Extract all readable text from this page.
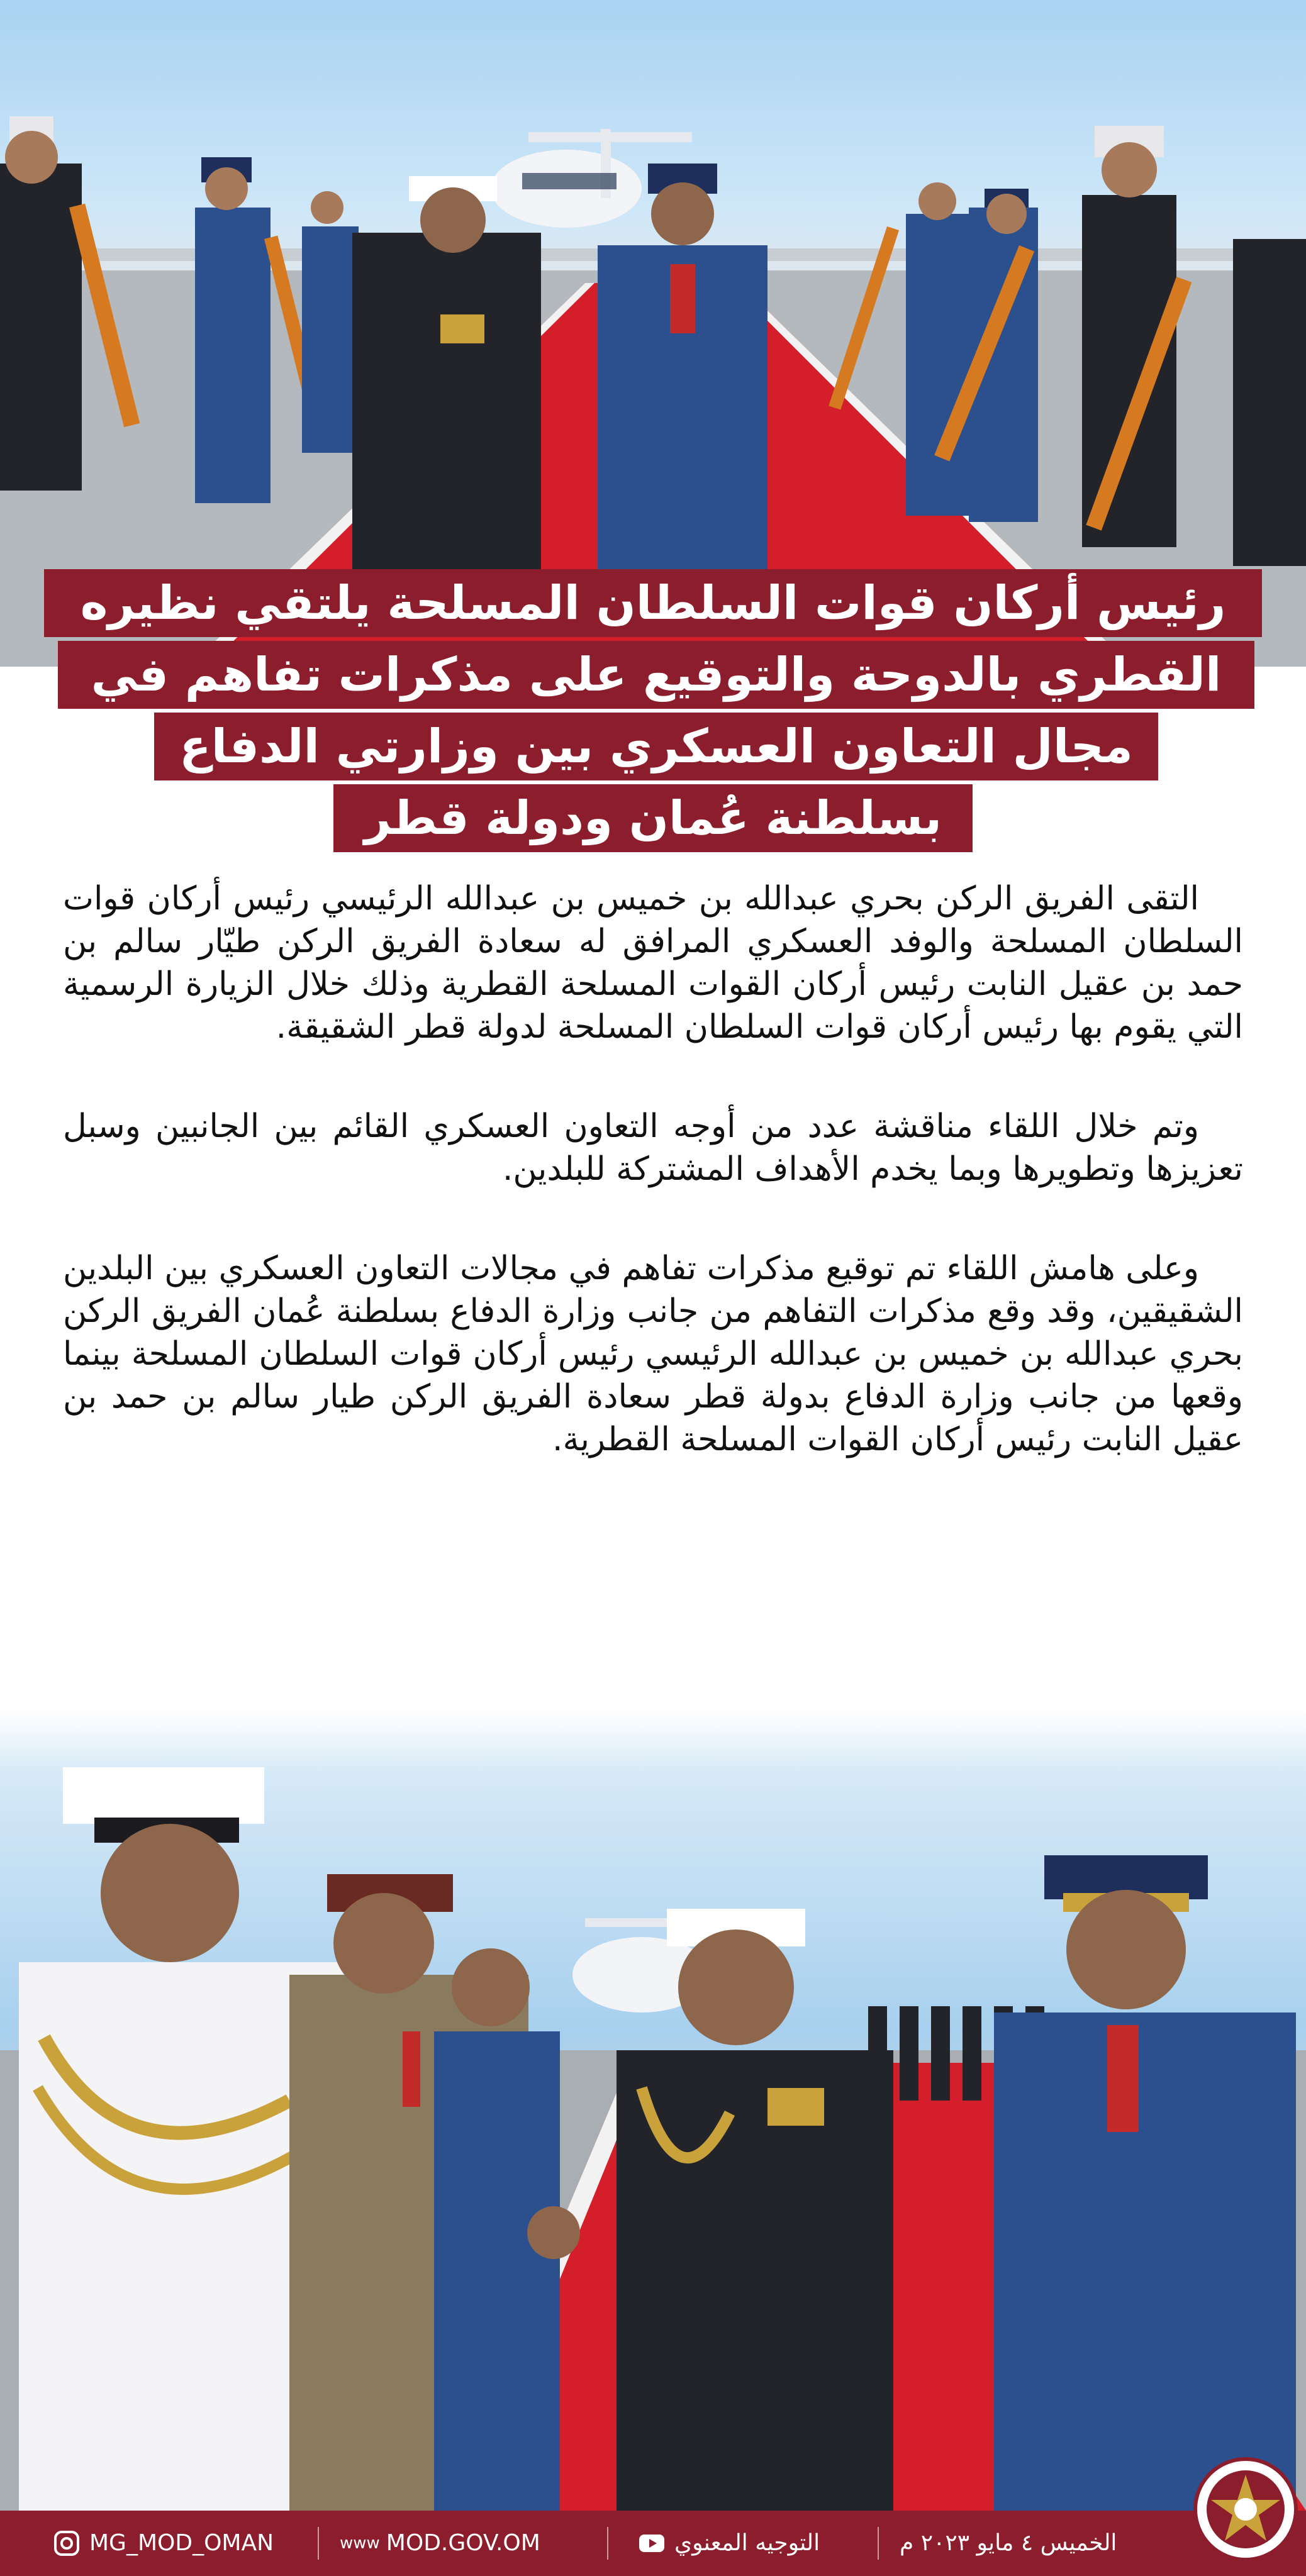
رئيس أركان قوات السلطان المسلحة يلتقي نظيره
القطري بالدوحة والتوقيع على مذكرات تفاهم في
مجال التعاون العسكري بين وزارتي الدفاع
بسلطنة عُمان ودولة قطر

التقى الفريق الركن بحري عبدالله بن خميس بن عبدالله الرئيسي رئيس أركان قوات السلطان المسلحة والوفد العسكري المرافق له سعادة الفريق الركن طيّار سالم بن حمد بن عقيل النابت رئيس أركان القوات المسلحة القطرية وذلك خلال الزيارة الرسمية التي يقوم بها رئيس أركان قوات السلطان المسلحة لدولة قطر الشقيقة.

وتم خلال اللقاء مناقشة عدد من أوجه التعاون العسكري القائم بين الجانبين وسبل تعزيزها وتطويرها وبما يخدم الأهداف المشتركة للبلدين.

وعلى هامش اللقاء تم توقيع مذكرات تفاهم في مجالات التعاون العسكري بين البلدين الشقيقين، وقد وقع مذكرات التفاهم من جانب وزارة الدفاع بسلطنة عُمان الفريق الركن بحري عبدالله بن خميس بن عبدالله الرئيسي رئيس أركان قوات السلطان المسلحة بينما وقعها من جانب وزارة الدفاع بدولة قطر سعادة الفريق الركن طيار سالم بن حمد بن عقيل النابت رئيس أركان القوات المسلحة القطرية.

MG_MOD_OMAN	www MOD.GOV.OM	التوجيه المعنوي	الخميس ٤ مايو ٢٠٢٣ م
